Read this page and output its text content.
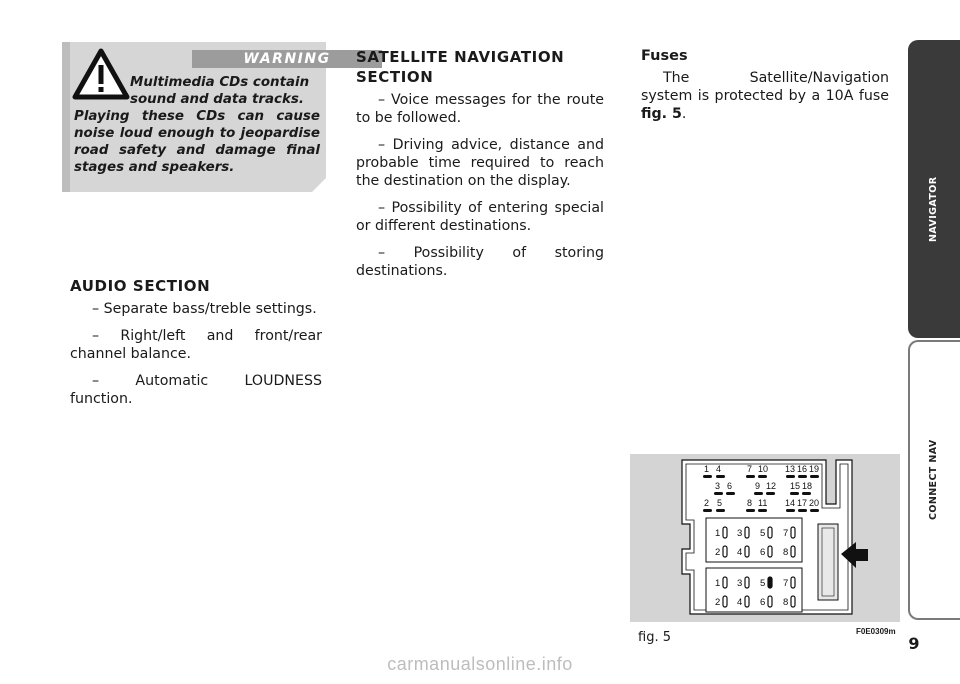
WARNING
Multimedia CDs contain
sound and data tracks.
Playing these CDs can cause noise loud enough to jeopardise road safety and damage final stages and speakers.
AUDIO SECTION

– Separate bass/treble settings.

– Right/left and front/rear channel balance.

– Automatic LOUDNESS function.

SATELLITE NAVIGATION
SECTION

– Voice messages for the route to be followed.

– Driving advice, distance and probable time required to reach the destination on the display.

– Possibility of entering special or different destinations.

– Possibility of storing destinations.

Fuses

The Satellite/Navigation system is protected by a 10A fuse fig. 5.

1 4	7 10 13 16 19
3 6	9 12 15 18
2 5	8 11 14 17 20
1 3 5 7
2 4 6 8
1 3 5 7
2 4 6 8
fig. 5	F0E0309m
NAVIGATOR
CONNECT NAV
9
carmanualsonline.info
